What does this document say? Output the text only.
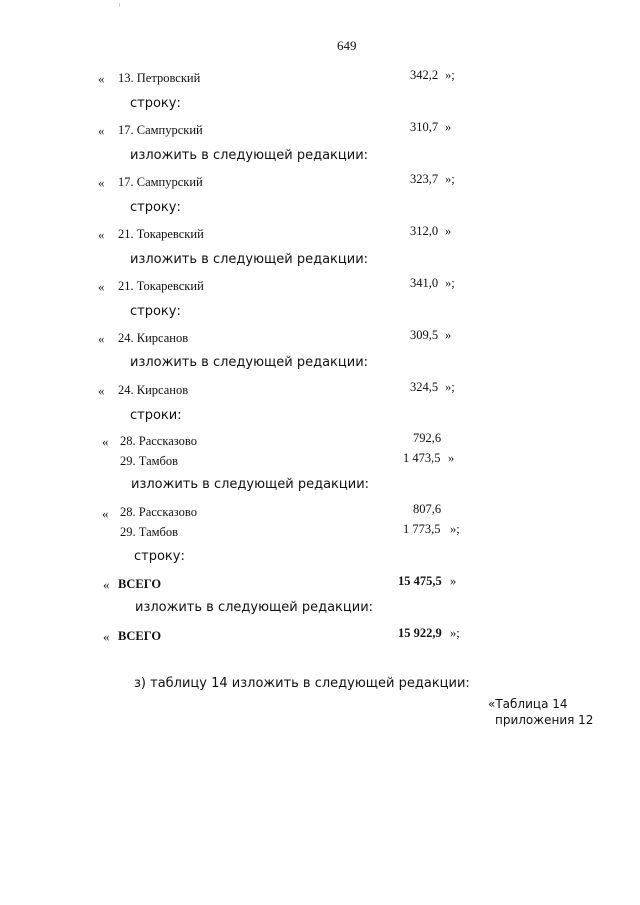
649
« 13. Петровский	342,2 »;
строку:
« 17. Сампурский	310,7 »
изложить в следующей редакции:
« 17. Сампурский	323,7 »;
строку:
« 21. Токаревский	312,0 »
изложить в следующей редакции:
« 21. Токаревский	341,0 »;
строку:
« 24. Кирсанов	309,5 »
изложить в следующей редакции:
« 24. Кирсанов	324,5 »;
строки:
« 28. Рассказово	792,6
29. Тамбов	1 473,5 »
изложить в следующей редакции:
« 28. Рассказово	807,6
29. Тамбов	1 773,5 »;
строку:
« ВСЕГО	15 475,5 »
изложить в следующей редакции:
« ВСЕГО	15 922,9 »;
з) таблицу 14 изложить в следующей редакции:
«Таблица 14
приложения 12
